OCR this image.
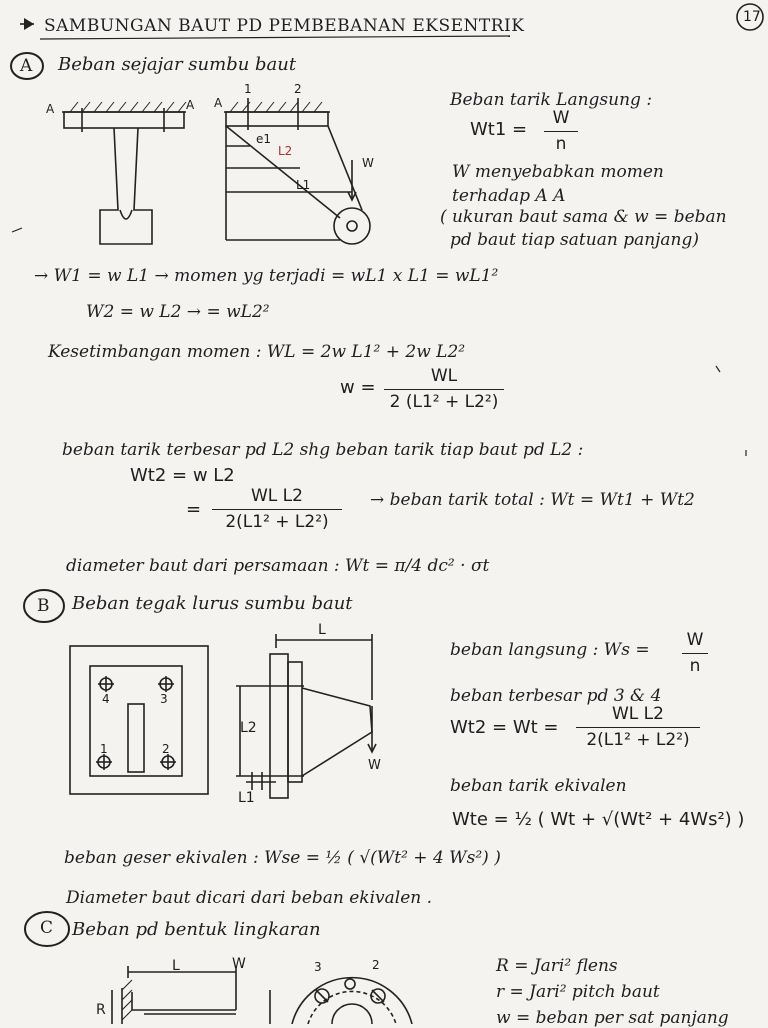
17
SAMBUNGAN BAUT PD PEMBEBANAN EKSENTRIK
A Beban sejajar sumbu baut
A	A A
1	2
e1
L2
L1
W
Beban tarik Langsung :
Wt1 =
W
n
W menyebabkan momen
terhadap A A
( ukuran baut sama & w = beban
pd baut tiap satuan panjang)
→ W1 = w L1 → momen yg terjadi = wL1 x L1 = wL1²
W2 = w L2 → = wL2²
Kesetimbangan momen : WL = 2w L1² + 2w L2²
w =
WL
2 (L1² + L2²)
beban tarik terbesar pd L2 shg beban tarik tiap baut pd L2 :
Wt2 = w L2
=
WL L2
2(L1² + L2²)
→ beban tarik total : Wt = Wt1 + Wt2
diameter baut dari persamaan : Wt = π/4 dc² · σt
B Beban tegak lurus sumbu baut
4	3
1	2
L
L2
L1
W
beban langsung : Ws = W
n
beban terbesar pd 3 & 4
Wt2 = Wt =
WL L2
2(L1² + L2²)
beban tarik ekivalen
Wte = ½ ( Wt + √(Wt² + 4Ws²) )
beban geser ekivalen : Wse = ½ ( √(Wt² + 4 Ws²) )
Diameter baut dicari dari beban ekivalen .
C Beban pd bentuk lingkaran
L	W
R
3	2	R = Jari² flens
r = Jari² pitch baut
w = beban per sat panjang
